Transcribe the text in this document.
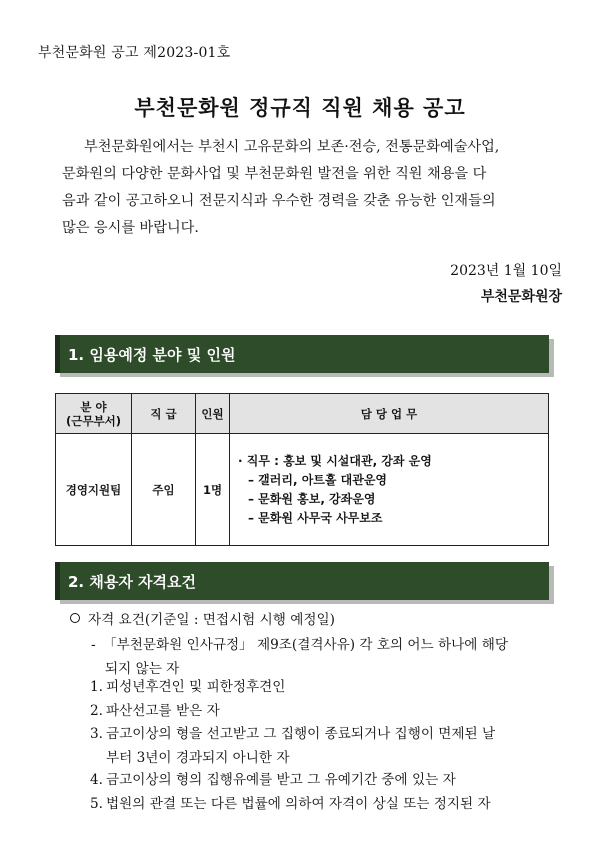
부천문화원 공고 제2023-01호
부천문화원 정규직 직원 채용 공고
부천문화원에서는 부천시 고유문화의 보존·전승, 전통문화예술사업,
문화원의 다양한 문화사업 및 부천문화원 발전을 위한 직원 채용을 다
음과 같이 공고하오니 전문지식과 우수한 경력을 갖춘 유능한 인재들의
많은 응시를 바랍니다.
2023년 1월 10일
부천문화원장
1. 임용예정 분야 및 인원
분 야
(근무부서)	직 급	인원	담 당 업 무
경영지원팀	주임	1명	· 직무 : 홍보 및 시설대관, 강좌 운영
– 갤러리, 아트홀 대관운영
– 문화원 홍보, 강좌운영
– 문화원 사무국 사무보조
2. 채용자 자격요건
자격 요건(기준일 : 면접시험 시행 예정일)
- 「부천문화원 인사규정」 제9조(결격사유) 각 호의 어느 하나에 해당
되지 않는 자
1. 피성년후견인 및 피한정후견인
2. 파산선고를 받은 자
3. 금고이상의 형을 선고받고 그 집행이 종료되거나 집행이 면제된 날
부터 3년이 경과되지 아니한 자
4. 금고이상의 형의 집행유예를 받고 그 유예기간 중에 있는 자
5. 법원의 관결 또는 다른 법률에 의하여 자격이 상실 또는 정지된 자
